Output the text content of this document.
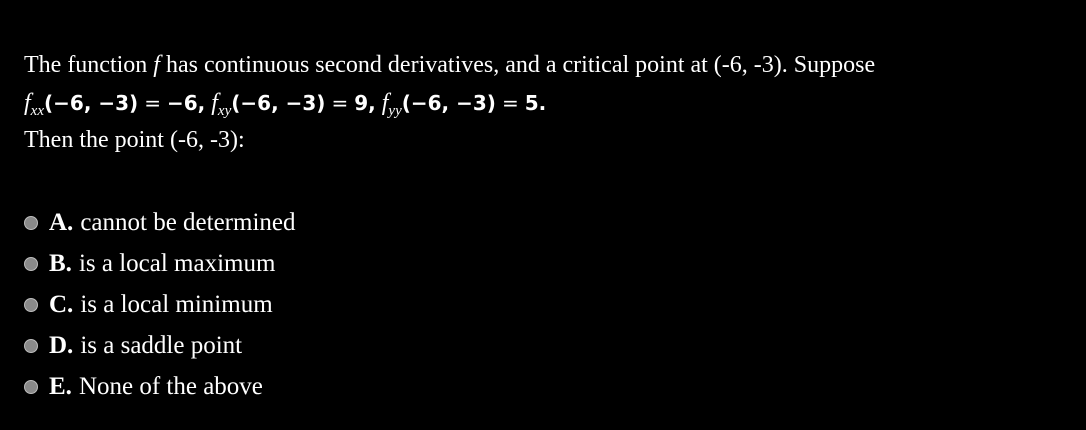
The function f has continuous second derivatives, and a critical point at (-6, -3). Suppose
$f_{xx}(-6$, −3) = −6, $f_{xy}(-6$, −3) = 9, $f_{yy}(-6$, −3) = 5.
Then the point (-6, -3):
A. cannot be determined
B. is a local maximum
C. is a local minimum
D. is a saddle point
E. None of the above
